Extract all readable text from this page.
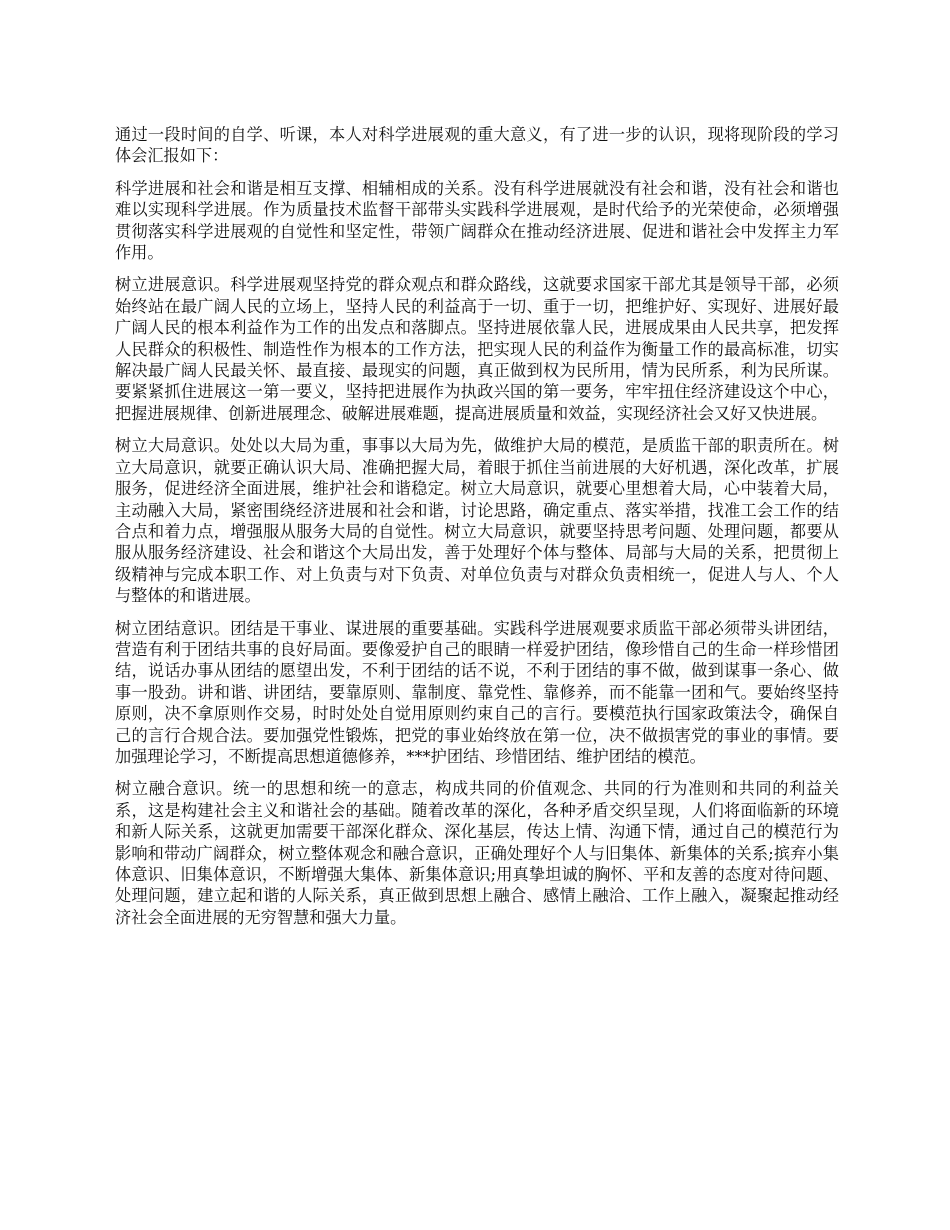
通过一段时间的自学、听课，本人对科学进展观的重大意义，有了进一步的认识，现将现阶段的学习体会汇报如下：

科学进展和社会和谐是相互支撑、相辅相成的关系。没有科学进展就没有社会和谐，没有社会和谐也难以实现科学进展。作为质量技术监督干部带头实践科学进展观，是时代给予的光荣使命，必须增强贯彻落实科学进展观的自觉性和坚定性，带领广阔群众在推动经济进展、促进和谐社会中发挥主力军作用。

树立进展意识。科学进展观坚持党的群众观点和群众路线，这就要求国家干部尤其是领导干部，必须始终站在最广阔人民的立场上，坚持人民的利益高于一切、重于一切，把维护好、实现好、进展好最广阔人民的根本利益作为工作的出发点和落脚点。坚持进展依靠人民，进展成果由人民共享，把发挥人民群众的积极性、制造性作为根本的工作方法，把实现人民的利益作为衡量工作的最高标准，切实解决最广阔人民最关怀、最直接、最现实的问题，真正做到权为民所用，情为民所系，利为民所谋。要紧紧抓住进展这一第一要义，坚持把进展作为执政兴国的第一要务，牢牢扭住经济建设这个中心，把握进展规律、创新进展理念、破解进展难题，提高进展质量和效益，实现经济社会又好又快进展。

树立大局意识。处处以大局为重，事事以大局为先，做维护大局的模范，是质监干部的职责所在。树立大局意识，就要正确认识大局、准确把握大局，着眼于抓住当前进展的大好机遇，深化改革，扩展服务，促进经济全面进展，维护社会和谐稳定。树立大局意识，就要心里想着大局，心中装着大局，主动融入大局，紧密围绕经济进展和社会和谐，讨论思路，确定重点、落实举措，找准工会工作的结合点和着力点，增强服从服务大局的自觉性。树立大局意识，就要坚持思考问题、处理问题，都要从服从服务经济建设、社会和谐这个大局出发，善于处理好个体与整体、局部与大局的关系，把贯彻上级精神与完成本职工作、对上负责与对下负责、对单位负责与对群众负责相统一，促进人与人、个人与整体的和谐进展。

树立团结意识。团结是干事业、谋进展的重要基础。实践科学进展观要求质监干部必须带头讲团结，营造有利于团结共事的良好局面。要像爱护自己的眼睛一样爱护团结，像珍惜自己的生命一样珍惜团结，说话办事从团结的愿望出发，不利于团结的话不说，不利于团结的事不做，做到谋事一条心、做事一股劲。讲和谐、讲团结，要靠原则、靠制度、靠党性、靠修养，而不能靠一团和气。要始终坚持原则，决不拿原则作交易，时时处处自觉用原则约束自己的言行。要模范执行国家政策法令，确保自己的言行合规合法。要加强党性锻炼，把党的事业始终放在第一位，决不做损害党的事业的事情。要加强理论学习，不断提高思想道德修养，***护团结、珍惜团结、维护团结的模范。

树立融合意识。统一的思想和统一的意志，构成共同的价值观念、共同的行为准则和共同的利益关系，这是构建社会主义和谐社会的基础。随着改革的深化，各种矛盾交织呈现，人们将面临新的环境和新人际关系，这就更加需要干部深化群众、深化基层，传达上情、沟通下情，通过自己的模范行为影响和带动广阔群众，树立整体观念和融合意识，正确处理好个人与旧集体、新集体的关系;摈弃小集体意识、旧集体意识，不断增强大集体、新集体意识;用真挚坦诚的胸怀、平和友善的态度对待问题、处理问题，建立起和谐的人际关系，真正做到思想上融合、感情上融洽、工作上融入，凝聚起推动经济社会全面进展的无穷智慧和强大力量。
